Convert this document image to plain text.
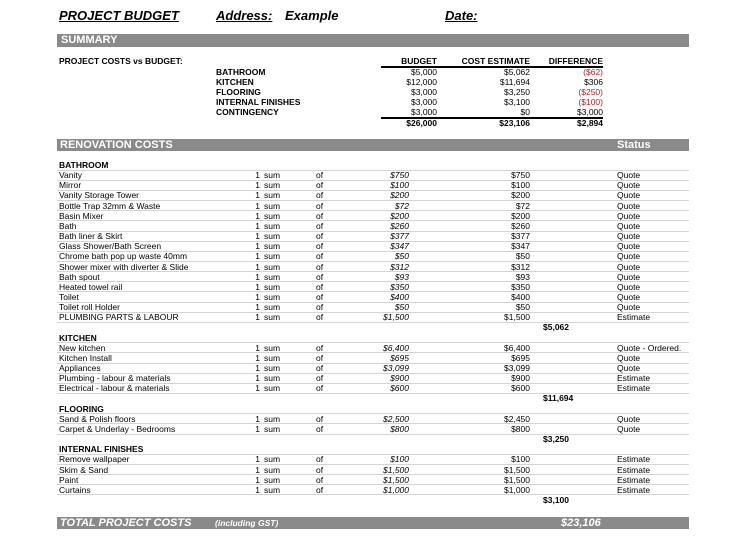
PROJECT BUDGET	Address: Example	Date:
SUMMARY
PROJECT COSTS vs BUDGET:	BUDGET	COST ESTIMATE	DIFFERENCE
BATHROOM	$5,000	$5,062	($62)
KITCHEN	$12,000	$11,694	$306
FLOORING	$3,000	$3,250	($250)
INTERNAL FINISHES	$3,000	$3,100	($100)
CONTINGENCY	$3,000	$0	$3,000
$26,000	$23,106	$2,894
RENOVATION COSTS	Status
BATHROOM
Vanity	1 sum	of	$750	$750	Quote
Mirror	1 sum	of	$100	$100	Quote
Vanity Storage Tower	1 sum	of	$200	$200	Quote
Bottle Trap 32mm & Waste	1 sum	of	$72	$72	Quote
Basin Mixer	1 sum	of	$200	$200	Quote
Bath	1 sum	of	$260	$260	Quote
Bath liner & Skirt	1 sum	of	$377	$377	Quote
Glass Shower/Bath Screen	1 sum	of	$347	$347	Quote
Chrome bath pop up waste 40mm	1 sum	of	$50	$50	Quote
Shower mixer with diverter & Slide	1 sum	of	$312	$312	Quote
Bath spout	1 sum	of	$93	$93	Quote
Heated towel rail	1 sum	of	$350	$350	Quote
Toilet	1 sum	of	$400	$400	Quote
Toilet roll Holder	1 sum	of	$50	$50	Quote
PLUMBING PARTS & LABOUR	1 sum	of	$1,500	$1,500	Estimate
$5,062
KITCHEN
New kitchen	1 sum	of	$6,400	$6,400	Quote - Ordered.
Kitchen Install	1 sum	of	$695	$695	Quote
Appliances	1 sum	of	$3,099	$3,099	Quote
Plumbing - labour & materials	1 sum	of	$900	$900	Estimate
Electrical - labour & materials	1 sum	of	$600	$600	Estimate
$11,694
FLOORING
Sand & Polish floors	1 sum	of	$2,500	$2,450	Quote
Carpet & Underlay - Bedrooms	1 sum	of	$800	$800	Quote
$3,250
INTERNAL FINISHES
Remove wallpaper	1 sum	of	$100	$100	Estimate
Skim & Sand	1 sum	of	$1,500	$1,500	Estimate
Paint	1 sum	of	$1,500	$1,500	Estimate
Curtains	1 sum	of	$1,000	$1,000	Estimate
$3,100
TOTAL PROJECT COSTS	(including GST)	$23,106
